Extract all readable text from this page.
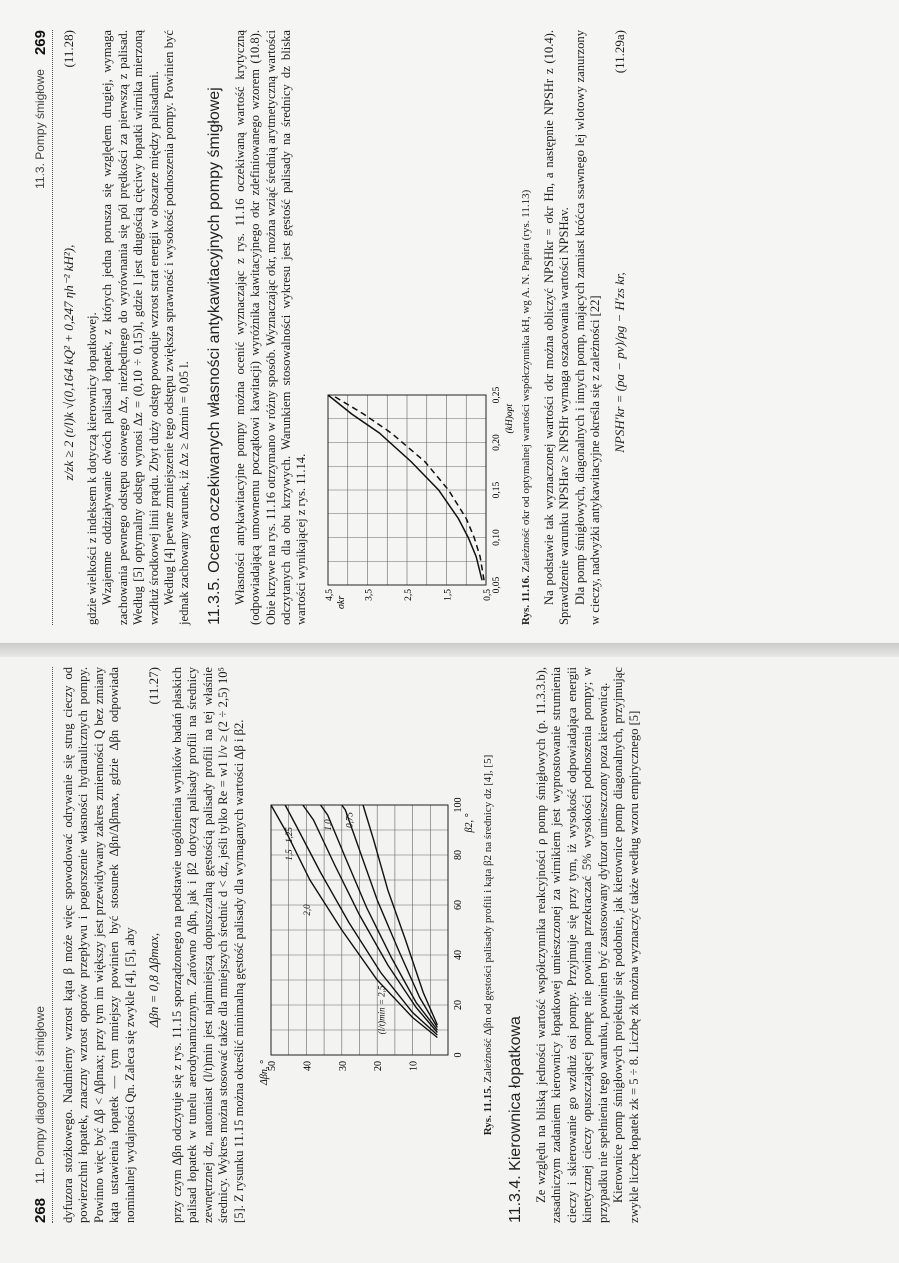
268
11. Pompy diagonalne i śmigłowe dyfuzora stożkowego. Nadmierny wzrost kąta β może więc spowodować odrywanie się strug cieczy od powierzchni łopatek, znaczny wzrost oporów przepływu i pogorszenie własności hydraulicznych pompy. Powinno więc być Δβ < Δβmax; przy tym im większy jest przewidywany zakres zmienności Q bez zmiany kąta ustawienia łopatek — tym mniejszy powinien być stosunek Δβn/Δβmax, gdzie Δβn odpowiada nominalnej wydajności Qn. Zaleca się zwykle [4], [5], aby Δβn = 0,8 Δβmax,
(11.27) przy czym Δβn odczytuje się z rys. 11.15 sporządzonego na podstawie uogólnienia wyników badań płaskich palisad łopatek w tunelu aerodynamicznym. Zarówno Δβn, jak i β2 dotyczą palisady profili na średnicy zewnętrznej dz, natomiast (l/t)min jest najmniejszą dopuszczalną gęstością palisady profili na tej właśnie średnicy. Wykres można stosować także dla mniejszych średnic d < dz, jeśli tylko Re = w1 l/ν ≥ (2 ÷ 2,5) 10⁵ [5]. Z rysunku 11.15 można określić minimalną gęstość palisady dla wymaganych wartości Δβ i β2.	0
20
40
60
80
100
10
20
30
40
50
Δβn, °
β2, °
(l/t)min = 2,5
2,0
1,5
1,25
1,0 0,75
Rys. 11.15. Zależność Δβn od gęstości palisady profili i kąta β2 na średnicy dz [4], [5]
11.3.4. Kierownica łopatkowa Ze względu na bliską jedności wartość współczynnika reakcyjności ρ pomp śmigłowych (p. 11.3.3.b), zasadniczym zadaniem kierownicy łopatkowej umieszczonej za wirnikiem jest wyprostowanie strumienia cieczy i skierowanie go wzdłuż osi pompy. Przyjmuje się przy tym, iż wysokość odpowiadająca energii kinetycznej cieczy opuszczającej pompę nie powinna przekraczać 5% wysokości podnoszenia pompy; w przypadku nie spełnienia tego warunku, powinien być zastosowany dyfuzor umieszczony poza kierownicą. Kierownice pomp śmigłowych projektuje się podobnie, jak kierownice pomp diagonalnych, przyjmując zwykle liczbę łopatek zk = 5 ÷ 8. Liczbę zk można wyznaczyć także według wzoru empirycznego [5]

11.3. Pompy śmigłowe
269
z/zk ≥ 2 (t/l)k √(0,164 kQ² + 0,247 ηh⁻² kH²),
(11.28)

gdzie wielkości z indeksem k dotyczą kierownicy łopatkowej. Wzajemne oddziaływanie dwóch palisad łopatek, z których jedna porusza się względem drugiej, wymaga zachowania pewnego odstępu osiowego Δz, niezbędnego do wyrównania się pól prędkości za pierwszą z palisad. Według [5] optymalny odstęp wynosi Δz = (0,10 ÷ 0,15)l, gdzie l jest długością cięciwy łopatki wirnika mierzoną wzdłuż środkowej linii prądu. Zbyt duży odstęp powoduje wzrost strat energii w obszarze między palisadami. Według [4] pewne zmniejszenie tego odstępu zwiększa sprawność i wysokość podnoszenia pompy. Powinien być jednak zachowany warunek, iż Δz ≥ Δzmin = 0,05 l. 11.3.5. Ocena oczekiwanych własności antykawitacyjnych pompy śmigłowej Własności antykawitacyjne pompy można ocenić wyznaczając z rys. 11.16 oczekiwaną wartość krytyczną (odpowiadającą umownemu początkowi kawitacji) wyróżnika kawitacyjnego σkr zdefiniowanego wzorem (10.8). Obie krzywe na rys. 11.16 otrzymano w różny sposób. Wyznaczając σkr, można wziąć średnią arytmetyczną wartości odczytanych dla obu krzywych. Warunkiem stosowalności wykresu jest gęstość palisady na średnicy dz bliska wartości wynikającej z rys. 11.14.	0,05
0,10
0,15
0,20
0,25
0,5
1,5
2,5
3,5
4,5
σkr
(kH)opt
Rys. 11.16. Zależność σkr od optymalnej wartości współczynnika kH, wg A. N. Papira (rys. 11.13) Na podstawie tak wyznaczonej wartości σkr można obliczyć NPSHkr = σkr Hn, a następnie NPSHr z (10.4). Sprawdzenie warunku NPSHav ≥ NPSHr wymaga oszacowania wartości NPSHav. Dla pomp śmigłowych, diagonalnych i innych pomp, mających zamiast króćca ssawnego lej wlotowy zanurzony w cieczy, nadwyżki antykawitacyjne określa się z zależności [22] NPSH′kr = (pa − pv)/ρg − H′zs kr,
(11.29a)
